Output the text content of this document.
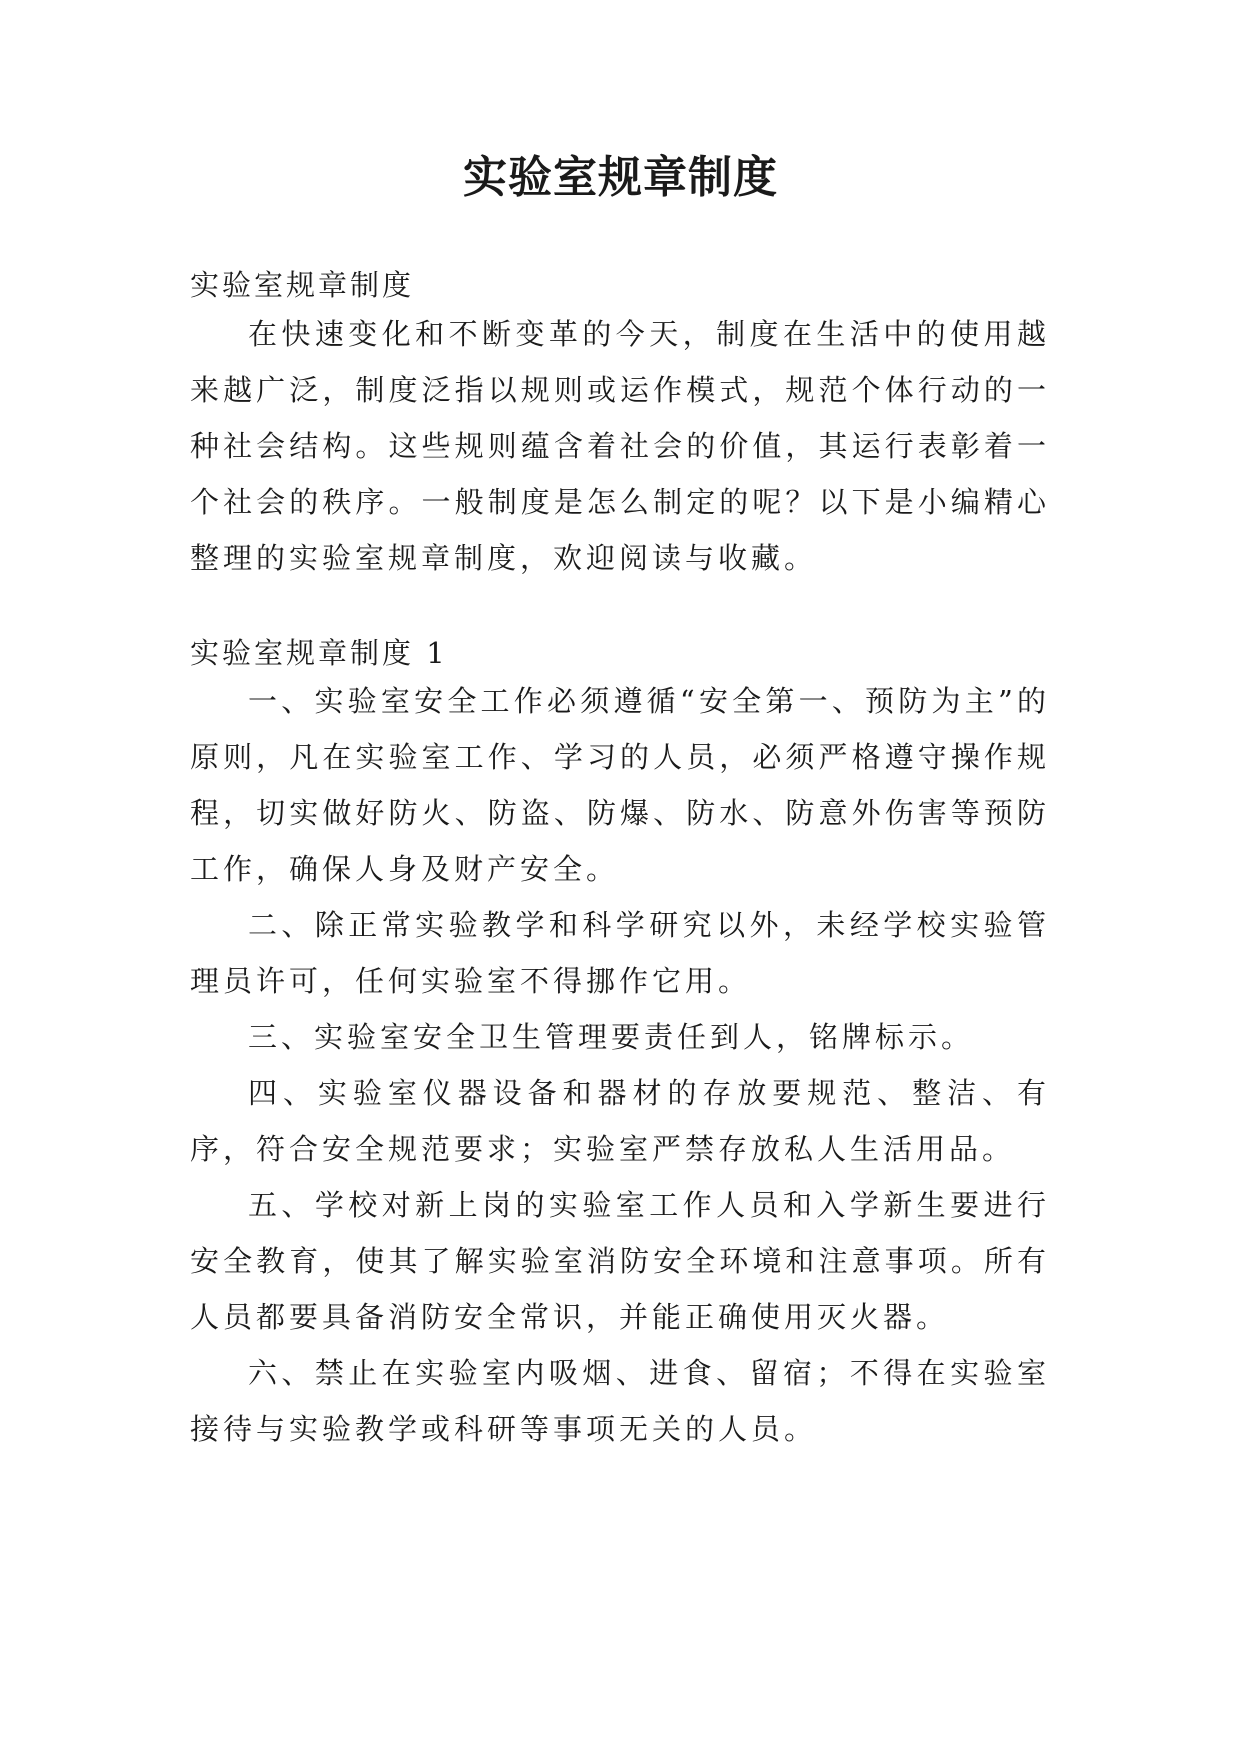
实验室规章制度

实验室规章制度

在快速变化和不断变革的今天，制度在生活中的使用越来越广泛，制度泛指以规则或运作模式，规范个体行动的一种社会结构。这些规则蕴含着社会的价值，其运行表彰着一个社会的秩序。一般制度是怎么制定的呢？以下是小编精心整理的实验室规章制度，欢迎阅读与收藏。

实验室规章制度 1

一、实验室安全工作必须遵循“安全第一、预防为主”的原则，凡在实验室工作、学习的人员，必须严格遵守操作规程，切实做好防火、防盗、防爆、防水、防意外伤害等预防工作，确保人身及财产安全。

二、除正常实验教学和科学研究以外，未经学校实验管理员许可，任何实验室不得挪作它用。

三、实验室安全卫生管理要责任到人，铭牌标示。

四、实验室仪器设备和器材的存放要规范、整洁、有序，符合安全规范要求；实验室严禁存放私人生活用品。

五、学校对新上岗的实验室工作人员和入学新生要进行安全教育，使其了解实验室消防安全环境和注意事项。所有人员都要具备消防安全常识，并能正确使用灭火器。

六、禁止在实验室内吸烟、进食、留宿；不得在实验室接待与实验教学或科研等事项无关的人员。
